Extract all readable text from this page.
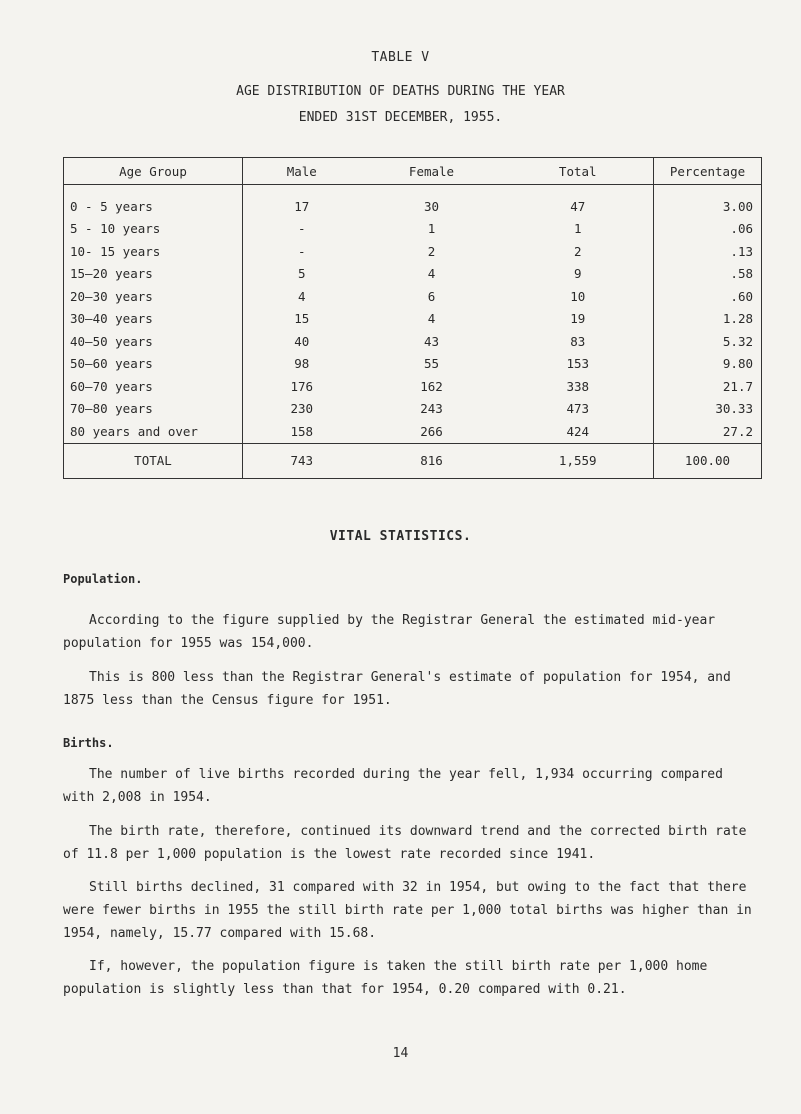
TABLE V
AGE DISTRIBUTION OF DEATHS DURING THE YEAR
ENDED 31ST DECEMBER, 1955.
Age Group	Male	Female	Total	Percentage

0 - 5 years	17	30	47	3.00
5 - 10 years	-	1	1	.06
10- 15 years	-	2	2	.13
15—20 years	5	4	9	.58
20—30 years	4	6	10	.60
30—40 years	15	4	19	1.28
40—50 years	40	43	83	5.32
50—60 years	98	55	153	9.80
60—70 years	176	162	338	21.7
70—80 years	230	243	473	30.33
80 years and over	158	266	424	27.2
TOTAL	743	816	1,559	100.00
VITAL STATISTICS.
Population.

According to the figure supplied by the Registrar General the estimated mid-year population for 1955 was 154,000.

This is 800 less than the Registrar General's estimate of population for 1954, and 1875 less than the Census figure for 1951.

Births.

The number of live births recorded during the year fell, 1,934 occurring compared with 2,008 in 1954.

The birth rate, therefore, continued its downward trend and the corrected birth rate of 11.8 per 1,000 population is the lowest rate recorded since 1941.

Still births declined, 31 compared with 32 in 1954, but owing to the fact that there were fewer births in 1955 the still birth rate per 1,000 total births was higher than in 1954, namely, 15.77 compared with 15.68.

If, however, the population figure is taken the still birth rate per 1,000 home population is slightly less than that for 1954, 0.20 compared with 0.21.

14
